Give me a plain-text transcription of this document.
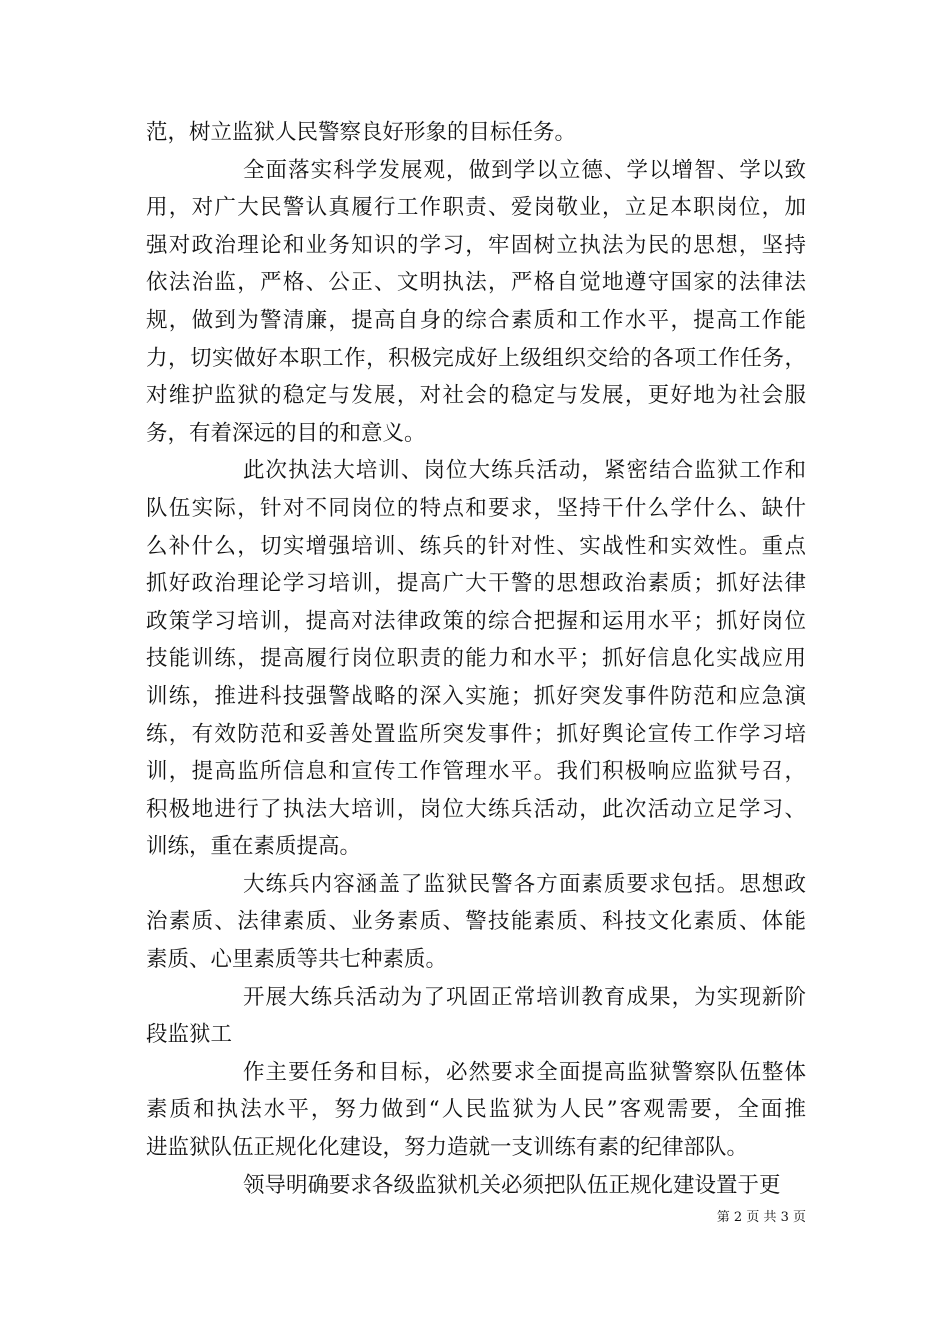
范，树立监狱人民警察良好形象的目标任务。
全面落实科学发展观，做到学以立德、学以增智、学以致
用，对广大民警认真履行工作职责、爱岗敬业，立足本职岗位，加
强对政治理论和业务知识的学习，牢固树立执法为民的思想，坚持
依法治监，严格、公正、文明执法，严格自觉地遵守国家的法律法
规，做到为警清廉，提高自身的综合素质和工作水平，提高工作能
力，切实做好本职工作，积极完成好上级组织交给的各项工作任务，
对维护监狱的稳定与发展，对社会的稳定与发展，更好地为社会服
务，有着深远的目的和意义。
此次执法大培训、岗位大练兵活动，紧密结合监狱工作和
队伍实际，针对不同岗位的特点和要求，坚持干什么学什么、缺什
么补什么，切实增强培训、练兵的针对性、实战性和实效性。重点
抓好政治理论学习培训，提高广大干警的思想政治素质；抓好法律
政策学习培训，提高对法律政策的综合把握和运用水平；抓好岗位
技能训练，提高履行岗位职责的能力和水平；抓好信息化实战应用
训练，推进科技强警战略的深入实施；抓好突发事件防范和应急演
练，有效防范和妥善处置监所突发事件；抓好舆论宣传工作学习培
训，提高监所信息和宣传工作管理水平。我们积极响应监狱号召，
积极地进行了执法大培训，岗位大练兵活动，此次活动立足学习、
训练，重在素质提高。
大练兵内容涵盖了监狱民警各方面素质要求包括。思想政
治素质、法律素质、业务素质、警技能素质、科技文化素质、体能
素质、心里素质等共七种素质。
开展大练兵活动为了巩固正常培训教育成果，为实现新阶
段监狱工
作主要任务和目标，必然要求全面提高监狱警察队伍整体
素质和执法水平，努力做到“人民监狱为人民”客观需要，全面推
进监狱队伍正规化化建设，努力造就一支训练有素的纪律部队。
领导明确要求各级监狱机关必须把队伍正规化建设置于更
第 2 页 共 3 页
